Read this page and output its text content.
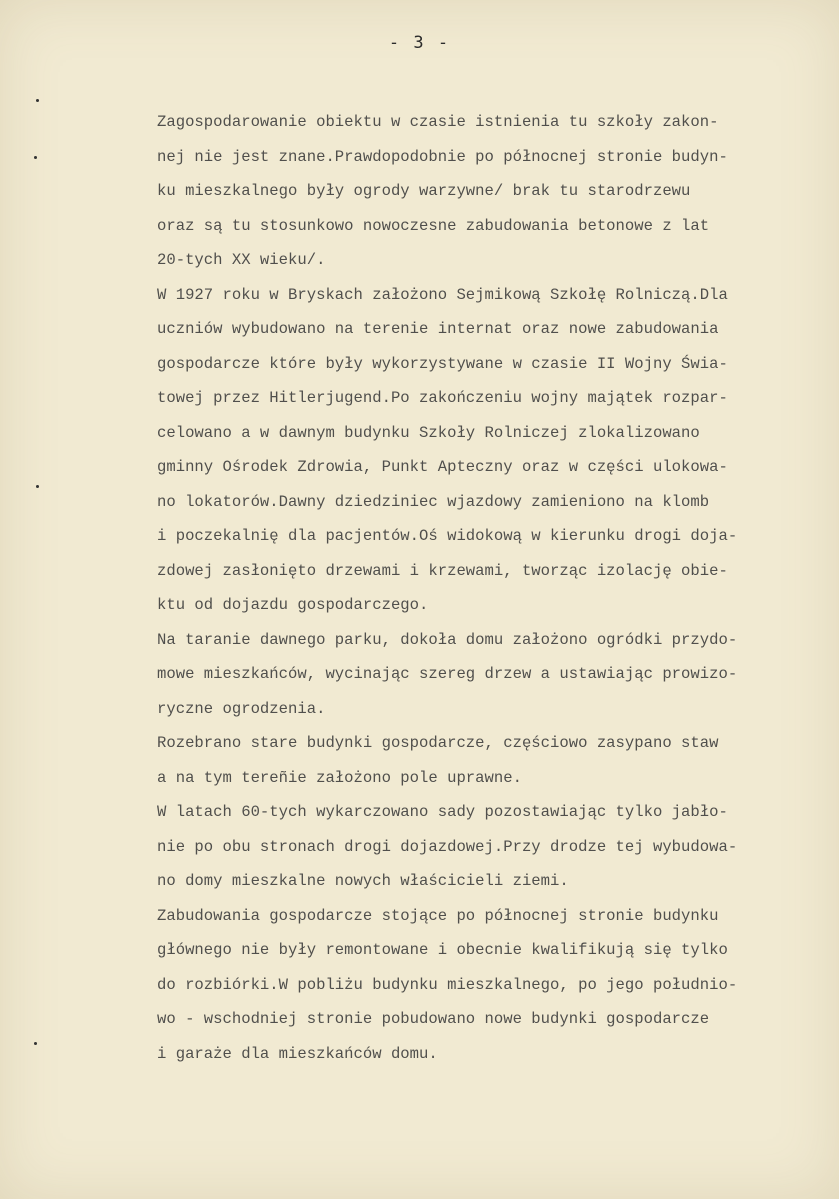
- 3 -
Zagospodarowanie obiektu w czasie istnienia tu szkoły zakon-
nej nie jest znane.Prawdopodobnie po północnej stronie budyn-
ku mieszkalnego były ogrody warzywne/ brak tu starodrzewu
oraz są tu stosunkowo nowoczesne zabudowania betonowe z lat
20-tych XX wieku/.
W 1927 roku w Bryskach założono Sejmikową Szkołę Rolniczą.Dla
uczniów wybudowano na terenie internat oraz nowe zabudowania
gospodarcze które były wykorzystywane w czasie II Wojny Świa-
towej przez Hitlerjugend.Po zakończeniu wojny majątek rozpar-
celowano a w dawnym budynku Szkoły Rolniczej zlokalizowano
gminny Ośrodek Zdrowia, Punkt Apteczny oraz w części ulokowa-
no lokatorów.Dawny dziedziniec wjazdowy zamieniono na klomb
i poczekalnię dla pacjentów.Oś widokową w kierunku drogi doja-
zdowej zasłonięto drzewami i krzewami, tworząc izolację obie-
ktu od dojazdu gospodarczego.
Na taranie dawnego parku, dokoła domu założono ogródki przydo-
mowe mieszkańców, wycinając szereg drzew a ustawiając prowizo-
ryczne ogrodzenia.
Rozebrano stare budynki gospodarcze, częściowo zasypano staw
a na tym tereñie założono pole uprawne.
W latach 60-tych wykarczowano sady pozostawiając tylko jabło-
nie po obu stronach drogi dojazdowej.Przy drodze tej wybudowa-
no domy mieszkalne nowych właścicieli ziemi.
Zabudowania gospodarcze stojące po północnej stronie budynku
głównego nie były remontowane i obecnie kwalifikują się tylko
do rozbiórki.W pobliżu budynku mieszkalnego, po jego południo-
wo - wschodniej stronie pobudowano nowe budynki gospodarcze
i garaże dla mieszkańców domu.
